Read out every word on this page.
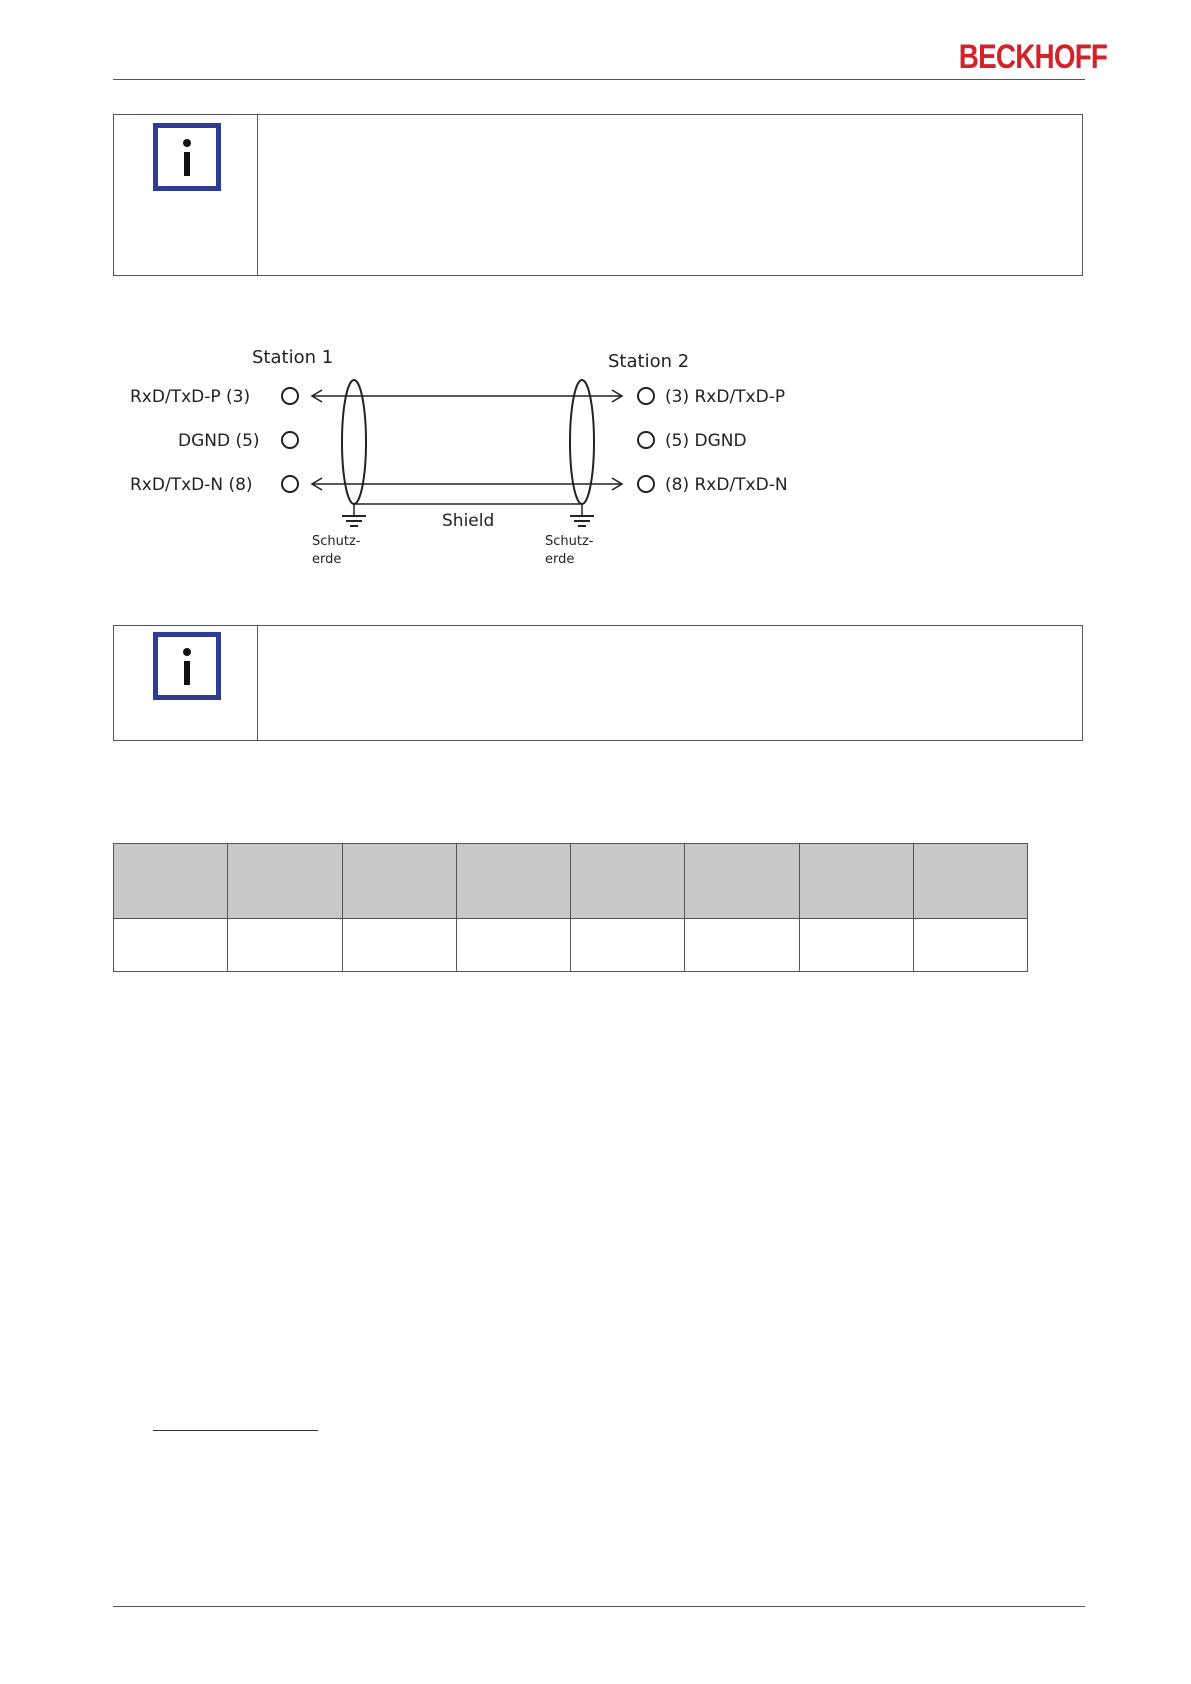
BECKHOFF
Station 1	Station 2
RxD/TxD-P (3)
DGND (5)
RxD/TxD-N (8)
(3) RxD/TxD-P
(5) DGND
(8) RxD/TxD-N
Shield
Schutz-
erde
Schutz-
erde
